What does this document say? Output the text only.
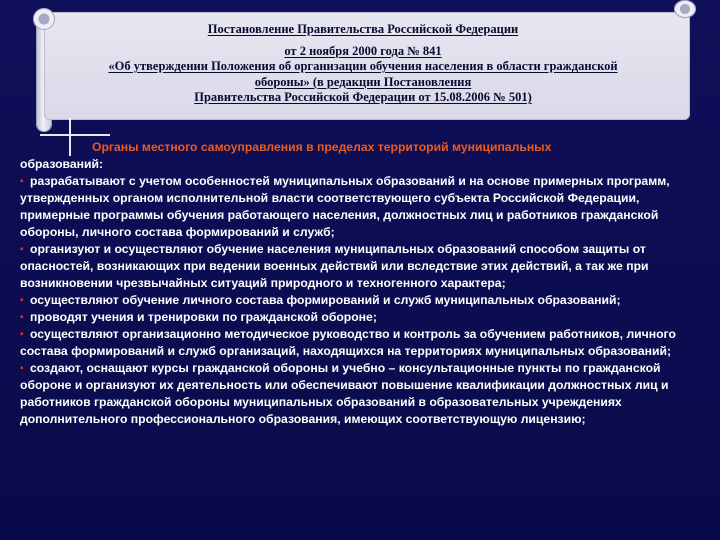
Постановление Правительства Российской Федерации
от 2 ноября 2000 года № 841
«Об утверждении Положения об организации обучения населения в области гражданской
обороны» (в редакции Постановления
Правительства Российской Федерации от 15.08.2006 № 501)

Органы местного самоуправления в пределах территорий муниципальных
образований:

▪ разрабатывают с учетом особенностей муниципальных образований и на основе примерных программ, утвержденных органом исполнительной власти соответствующего субъекта Российской Федерации, примерные программы обучения работающего населения, должностных лиц и работников гражданской обороны, личного состава формирований и служб;
▪ организуют и осуществляют обучение населения муниципальных образований способом защиты от опасностей, возникающих при ведении военных действий или вследствие этих действий, а так же при возникновении чрезвычайных ситуаций природного и техногенного характера;
▪ осуществляют обучение личного состава формирований и служб муниципальных образований;
▪ проводят учения и тренировки по гражданской обороне;
▪ осуществляют организационно методическое руководство и контроль за обучением работников, личного состава формирований и служб организаций, находящихся на территориях муниципальных образований;
▪ создают, оснащают курсы гражданской обороны и учебно – консультационные пункты по гражданской обороне и организуют их деятельность или обеспечивают повышение квалификации должностных лиц и работников гражданской обороны муниципальных образований в образовательных учреждениях дополнительного профессионального образования, имеющих соответствующую лицензию;
